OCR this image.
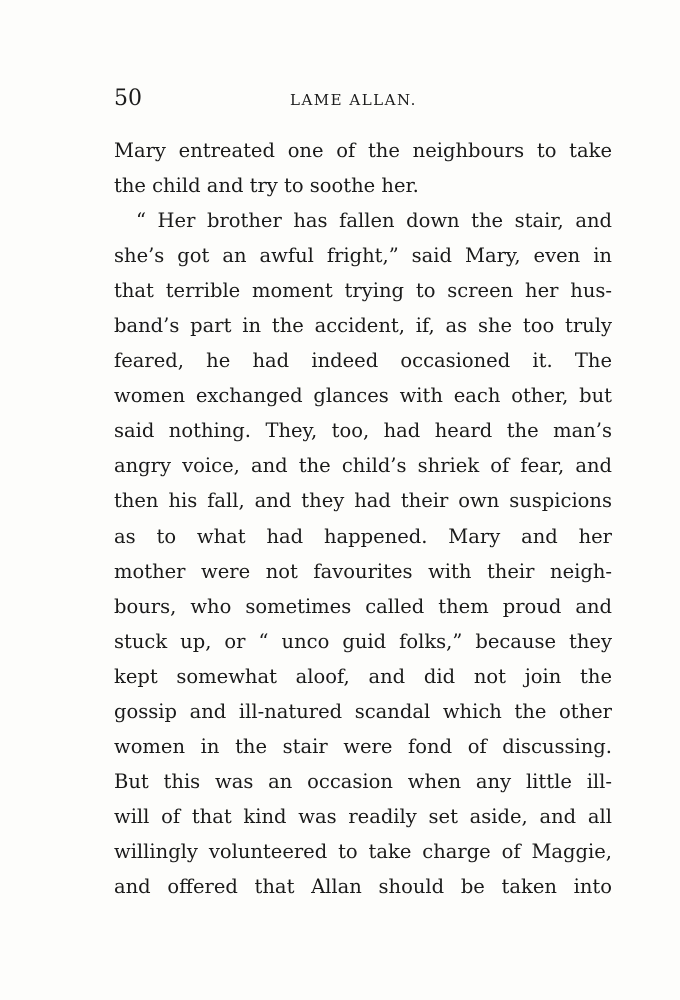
50	LAME ALLAN.
Mary entreated one of the neighbours to take
the child and try to soothe her.
“ Her brother has fallen down the stair, and
she’s got an awful fright,” said Mary, even in
that terrible moment trying to screen her hus-
band’s part in the accident, if, as she too truly
feared, he had indeed occasioned it. The
women exchanged glances with each other, but
said nothing. They, too, had heard the man’s
angry voice, and the child’s shriek of fear, and
then his fall, and they had their own suspicions
as to what had happened. Mary and her
mother were not favourites with their neigh-
bours, who sometimes called them proud and
stuck up, or “ unco guid folks,” because they
kept somewhat aloof, and did not join the
gossip and ill-natured scandal which the other
women in the stair were fond of discussing.
But this was an occasion when any little ill-
will of that kind was readily set aside, and all
willingly volunteered to take charge of Maggie,
and offered that Allan should be taken into
